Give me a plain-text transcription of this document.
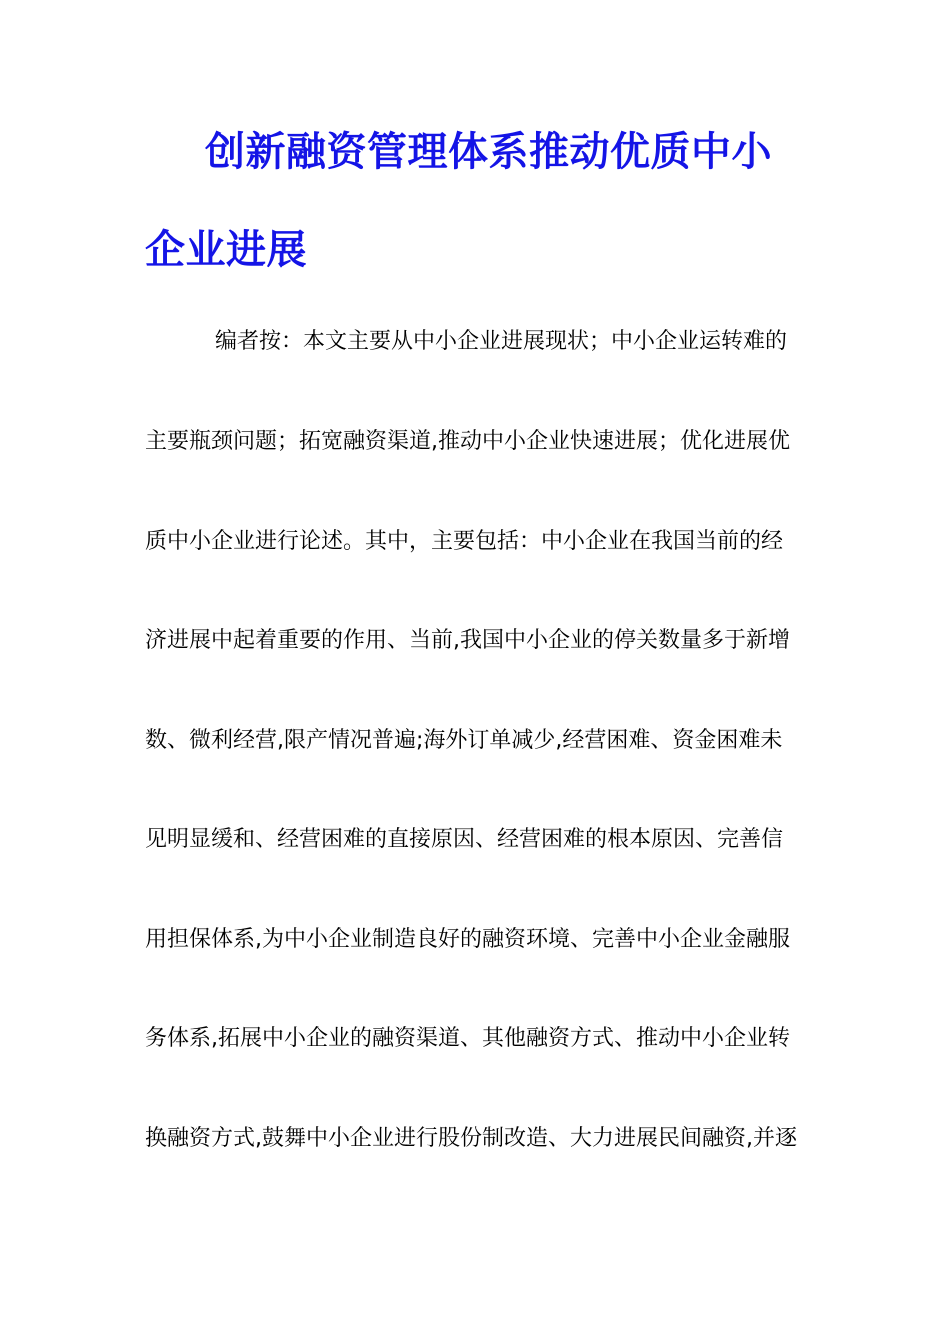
创新融资管理体系推动优质中小
企业进展
编者按：本文主要从中小企业进展现状；中小企业运转难的
主要瓶颈问题；拓宽融资渠道,推动中小企业快速进展；优化进展优
质中小企业进行论述。其中，主要包括：中小企业在我国当前的经
济进展中起着重要的作用、当前,我国中小企业的停关数量多于新增
数、微利经营,限产情况普遍;海外订单减少,经营困难、资金困难未
见明显缓和、经营困难的直接原因、经营困难的根本原因、完善信
用担保体系,为中小企业制造良好的融资环境、完善中小企业金融服
务体系,拓展中小企业的融资渠道、其他融资方式、推动中小企业转
换融资方式,鼓舞中小企业进行股份制改造、大力进展民间融资,并逐
